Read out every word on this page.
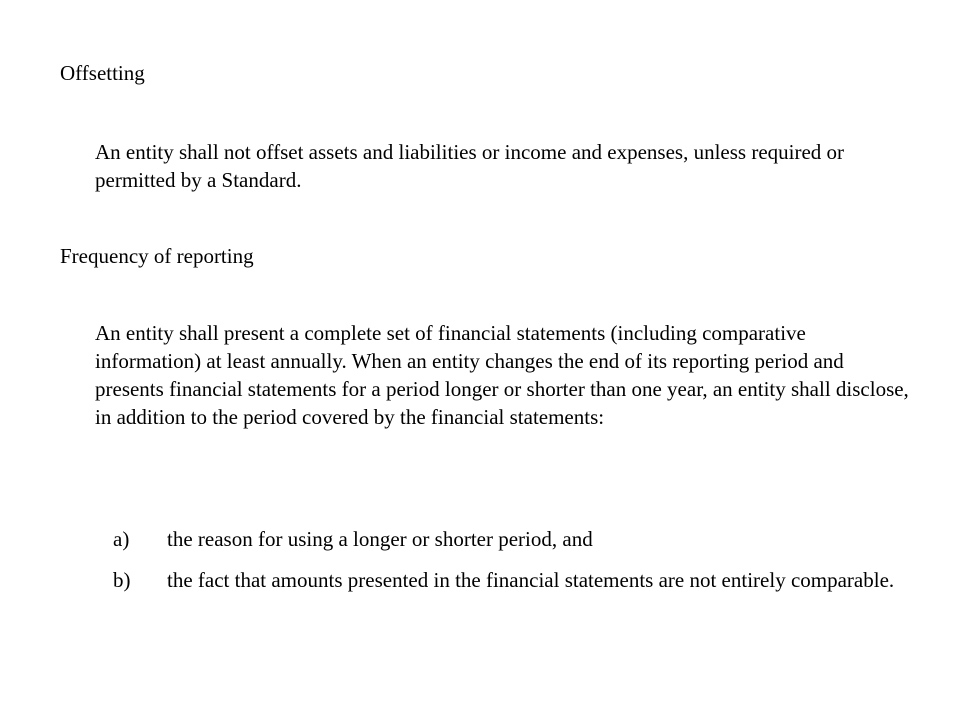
Offsetting

An entity shall not offset assets and liabilities or income and expenses, unless required or permitted by a Standard.

Frequency of reporting

An entity shall present a complete set of financial statements (including comparative information) at least annually. When an entity changes the end of its reporting period and presents financial statements for a period longer or shorter than one year, an entity shall disclose, in addition to the period covered by the financial statements:

a) the reason for using a longer or shorter period, and
b) the fact that amounts presented in the financial statements are not entirely comparable.
